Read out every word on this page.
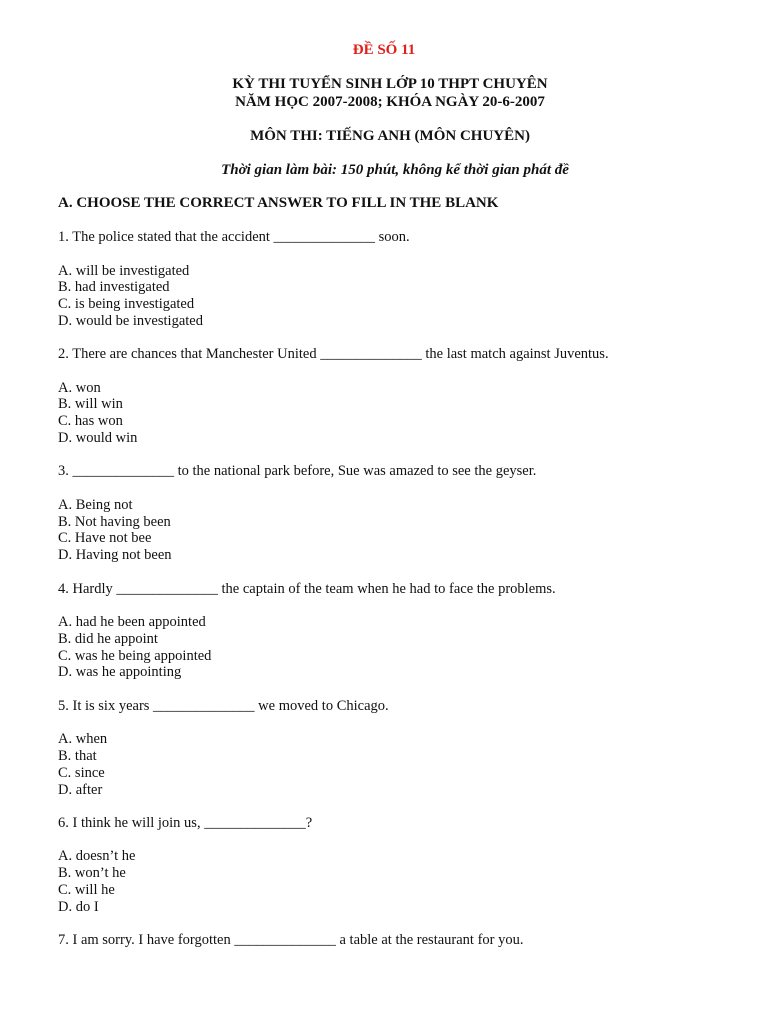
ĐỀ SỐ 11
KỲ THI TUYỂN SINH LỚP 10 THPT CHUYÊN
NĂM HỌC 2007-2008; KHÓA NGÀY 20-6-2007
MÔN THI: TIẾNG ANH (MÔN CHUYÊN)
Thời gian làm bài: 150 phút, không kể thời gian phát đề
A. CHOOSE THE CORRECT ANSWER TO FILL IN THE BLANK
1. The police stated that the accident ______________ soon.
A. will be investigated
B. had investigated
C. is being investigated
D. would be investigated
2. There are chances that Manchester United ______________ the last match against Juventus.
A. won
B. will win
C. has won
D. would win
3. ______________ to the national park before, Sue was amazed to see the geyser.
A. Being not
B. Not having been
C. Have not bee
D. Having not been
4. Hardly ______________ the captain of the team when he had to face the problems.
A. had he been appointed
B. did he appoint
C. was he being appointed
D. was he appointing
5. It is six years ______________ we moved to Chicago.
A. when
B. that
C. since
D. after
6. I think he will join us, ______________?
A. doesn’t he
B. won’t he
C. will he
D. do I
7. I am sorry. I have forgotten ______________ a table at the restaurant for you.
